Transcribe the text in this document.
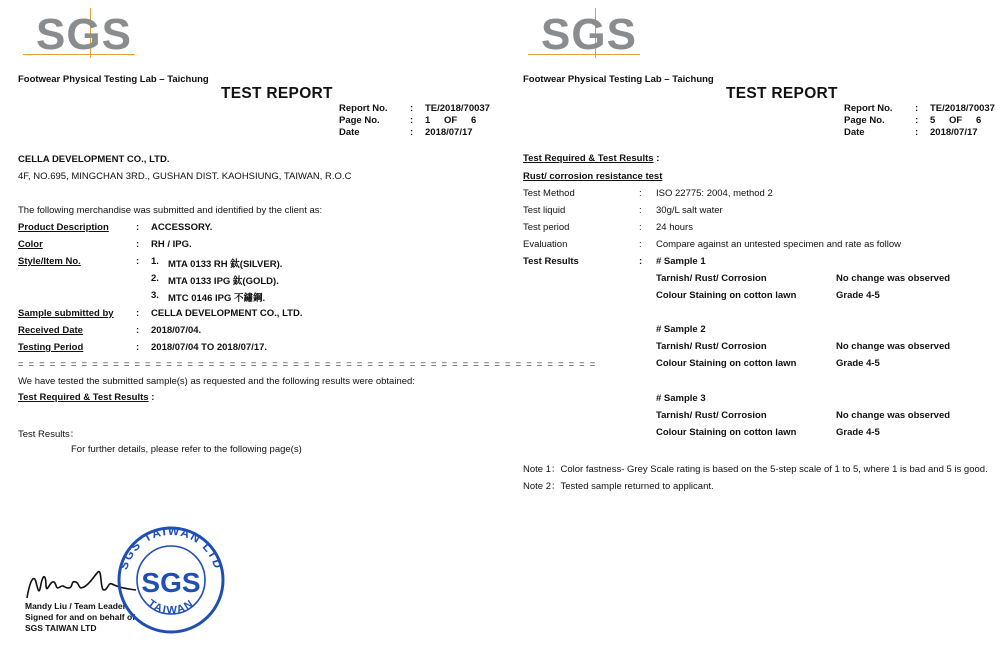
SGS
Footwear Physical Testing Lab – Taichung
TEST REPORT
Report No. : TE/2018/70037
Page No.	: 1 OF 6
Date	: 2018/07/17
CELLA DEVELOPMENT CO., LTD.
4F, NO.695, MINGCHAN 3RD., GUSHAN DIST. KAOHSIUNG, TAIWAN, R.O.C
The following merchandise was submitted and identified by the client as:
Product Description	: ACCESSORY.
Color	: RH / IPG.
Style/Item No.	: 1. MTA 0133 RH 鈦(SILVER).
2. MTA 0133 IPG 鈦(GOLD).
3. MTC 0146 IPG 不鏽鋼.
Sample submitted by : CELLA DEVELOPMENT CO., LTD.
Received Date	: 2018/07/04.
Testing Period	: 2018/07/04 TO 2018/07/17.
= = = = = = = = = = = = = = = = = = = = = = = = = = = = = = = = = = = = = = = = = = = = = = = = = = = = = = =
We have tested the submitted sample(s) as requested and the following results were obtained:
Test Required & Test Results :
Test Results：
For further details, please refer to the following page(s)
Mandy Liu / Team Leader
Signed for and on behalf of
SGS TAIWAN LTD
SGS TAIWAN LTD
TAIWAN
SGS
SGS
Footwear Physical Testing Lab – Taichung
TEST REPORT
Report No. : TE/2018/70037
Page No.	: 5 OF 6
Date	: 2018/07/17
Test Required & Test Results :
Rust/ corrosion resistance test
Test Method	: ISO 22775: 2004, method 2
Test liquid	: 30g/L salt water
Test period	: 24 hours
Evaluation	: Compare against an untested specimen and rate as follow
Test Results	: # Sample 1
Tarnish/ Rust/ Corrosion	No change was observed
Colour Staining on cotton lawn	Grade 4-5
# Sample 2
Tarnish/ Rust/ Corrosion	No change was observed
Colour Staining on cotton lawn	Grade 4-5
# Sample 3
Tarnish/ Rust/ Corrosion	No change was observed
Colour Staining on cotton lawn	Grade 4-5
Note 1：Color fastness- Grey Scale rating is based on the 5-step scale of 1 to 5, where 1 is bad and 5 is good.
Note 2：Tested sample returned to applicant.
